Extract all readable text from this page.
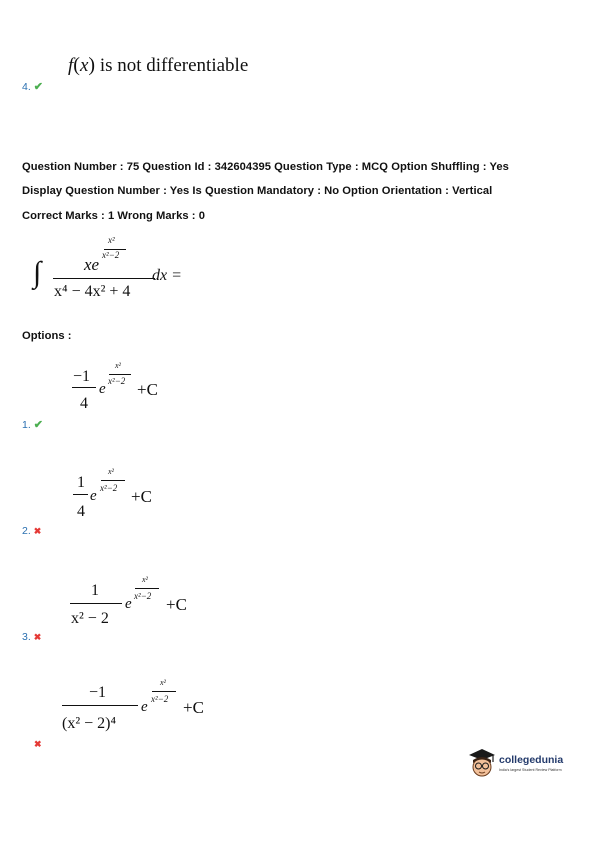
f(x) is not differentiable
4. ✔
Question Number : 75 Question Id : 342604395 Question Type : MCQ Option Shuffling : Yes
Display Question Number : Yes Is Question Mandatory : No Option Orientation : Vertical
Correct Marks : 1 Wrong Marks : 0
∫	xe
x²
x²−2
x⁴ − 4x² + 4
dx =
Options :
−1
4
e
x²
x²−2 +C
1. ✔
1
4
e
x²
x²−2 +C
2. ✖
1
x² − 2
e
x²
x²−2 +C
3. ✖
−1
(x² − 2)⁴
e
x²
x²−2 +C
✖
collegedunia
India's largest Student Review Platform
